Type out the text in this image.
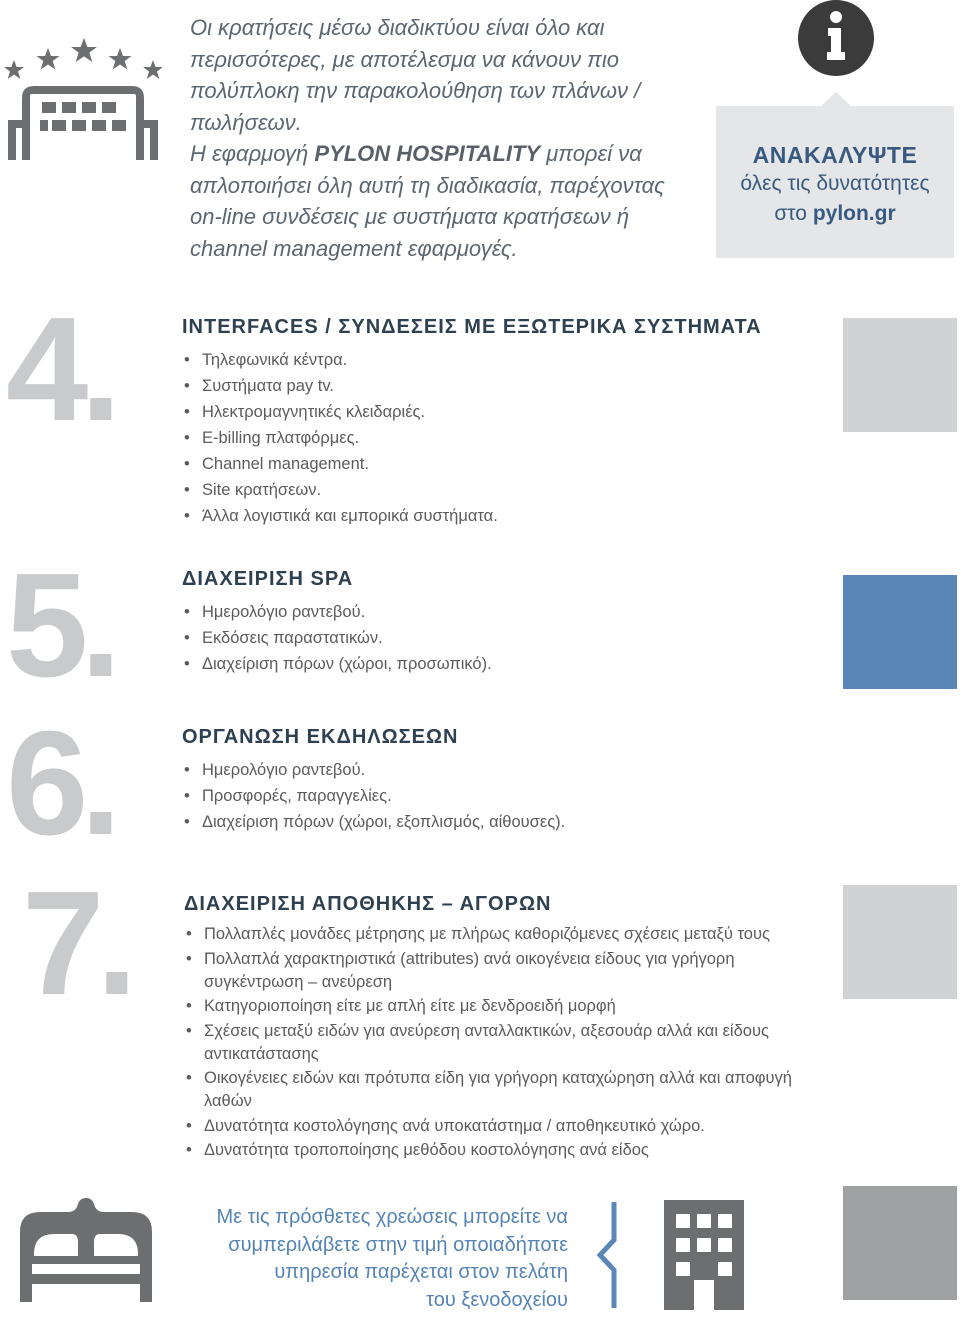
Οι κρατήσεις μέσω διαδικτύου είναι όλο και
περισσότερες, με αποτέλεσμα να κάνουν πιο
πολύπλοκη την παρακολούθηση των πλάνων /
πωλήσεων.
Η εφαρμογή PYLON HOSPITALITY μπορεί να
απλοποιήσει όλη αυτή τη διαδικασία, παρέχοντας
on-line συνδέσεις με συστήματα κρατήσεων ή
channel management εφαρμογές.
ΑΝΑΚΑΛΥΨΤΕ
όλες τις δυνατότητες
στο pylon.gr
4.	INTERFACES / ΣΥΝΔΕΣΕΙΣ ΜΕ ΕΞΩΤΕΡΙΚΑ ΣΥΣΤΗΜΑΤΑ
• Τηλεφωνικά κέντρα.
• Συστήματα pay tv.
• Ηλεκτρομαγνητικές κλειδαριές.
• E-billing πλατφόρμες.
• Channel management.
• Site κρατήσεων.
• Άλλα λογιστικά και εμπορικά συστήματα.
5.	ΔΙΑΧΕΙΡΙΣΗ SPA
• Ημερολόγιο ραντεβού.
• Εκδόσεις παραστατικών.
• Διαχείριση πόρων (χώροι, προσωπικό).
6.	ΟΡΓΑΝΩΣΗ ΕΚΔΗΛΩΣΕΩΝ
• Ημερολόγιο ραντεβού.
• Προσφορές, παραγγελίες.
• Διαχείριση πόρων (χώροι, εξοπλισμός, αίθουσες).
7.	ΔΙΑΧΕΙΡΙΣΗ ΑΠΟΘΗΚΗΣ – ΑΓΟΡΩΝ
• Πολλαπλές μονάδες μέτρησης με πλήρως καθοριζόμενες σχέσεις μεταξύ τους
• Πολλαπλά χαρακτηριστικά (attributes) ανά οικογένεια είδους για γρήγορη συγκέντρωση – ανεύρεση
• Κατηγοριοποίηση είτε με απλή είτε με δενδροειδή μορφή
• Σχέσεις μεταξύ ειδών για ανεύρεση ανταλλακτικών, αξεσουάρ αλλά και είδους αντικατάστασης
• Οικογένειες ειδών και πρότυπα είδη για γρήγορη καταχώρηση αλλά και αποφυγή λαθών
• Δυνατότητα κοστολόγησης ανά υποκατάστημα / αποθηκευτικό χώρο.
• Δυνατότητα τροποποίησης μεθόδου κοστολόγησης ανά είδος
Με τις πρόσθετες χρεώσεις μπορείτε να
συμπεριλάβετε στην τιμή οποιαδήποτε
υπηρεσία παρέχεται στον πελάτη
του ξενοδοχείου
